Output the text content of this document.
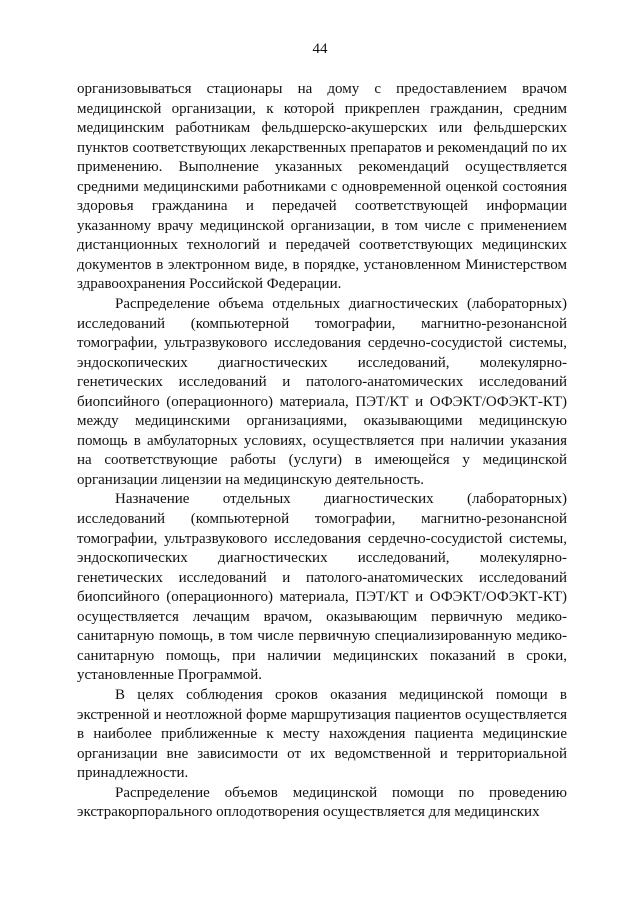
44

организовываться стационары на дому с предоставлением врачом медицинской организации, к которой прикреплен гражданин, средним медицинским работникам фельдшерско-акушерских или фельдшерских пунктов соответствующих лекарственных препаратов и рекомендаций по их применению. Выполнение указанных рекомендаций осуществляется средними медицинскими работниками с одновременной оценкой состояния здоровья гражданина и передачей соответствующей информации указанному врачу медицинской организации, в том числе с применением дистанционных технологий и передачей соответствующих медицинских документов в электронном виде, в порядке, установленном Министерством здравоохранения Российской Федерации.

Распределение объема отдельных диагностических (лабораторных) исследований (компьютерной томографии, магнитно-резонансной томографии, ультразвукового исследования сердечно-сосудистой системы, эндоскопических диагностических исследований, молекулярно-генетических исследований и патолого-анатомических исследований биопсийного (операционного) материала, ПЭТ/КТ и ОФЭКТ/ОФЭКТ-КТ) между медицинскими организациями, оказывающими медицинскую помощь в амбулаторных условиях, осуществляется при наличии указания на соответствующие работы (услуги) в имеющейся у медицинской организации лицензии на медицинскую деятельность.

Назначение отдельных диагностических (лабораторных) исследований (компьютерной томографии, магнитно-резонансной томографии, ультразвукового исследования сердечно-сосудистой системы, эндоскопических диагностических исследований, молекулярно-генетических исследований и патолого-анатомических исследований биопсийного (операционного) материала, ПЭТ/КТ и ОФЭКТ/ОФЭКТ-КТ) осуществляется лечащим врачом, оказывающим первичную медико-санитарную помощь, в том числе первичную специализированную медико-санитарную помощь, при наличии медицинских показаний в сроки, установленные Программой.

В целях соблюдения сроков оказания медицинской помощи в экстренной и неотложной форме маршрутизация пациентов осуществляется в наиболее приближенные к месту нахождения пациента медицинские организации вне зависимости от их ведомственной и территориальной принадлежности.

Распределение объемов медицинской помощи по проведению экстракорпорального оплодотворения осуществляется для медицинских
